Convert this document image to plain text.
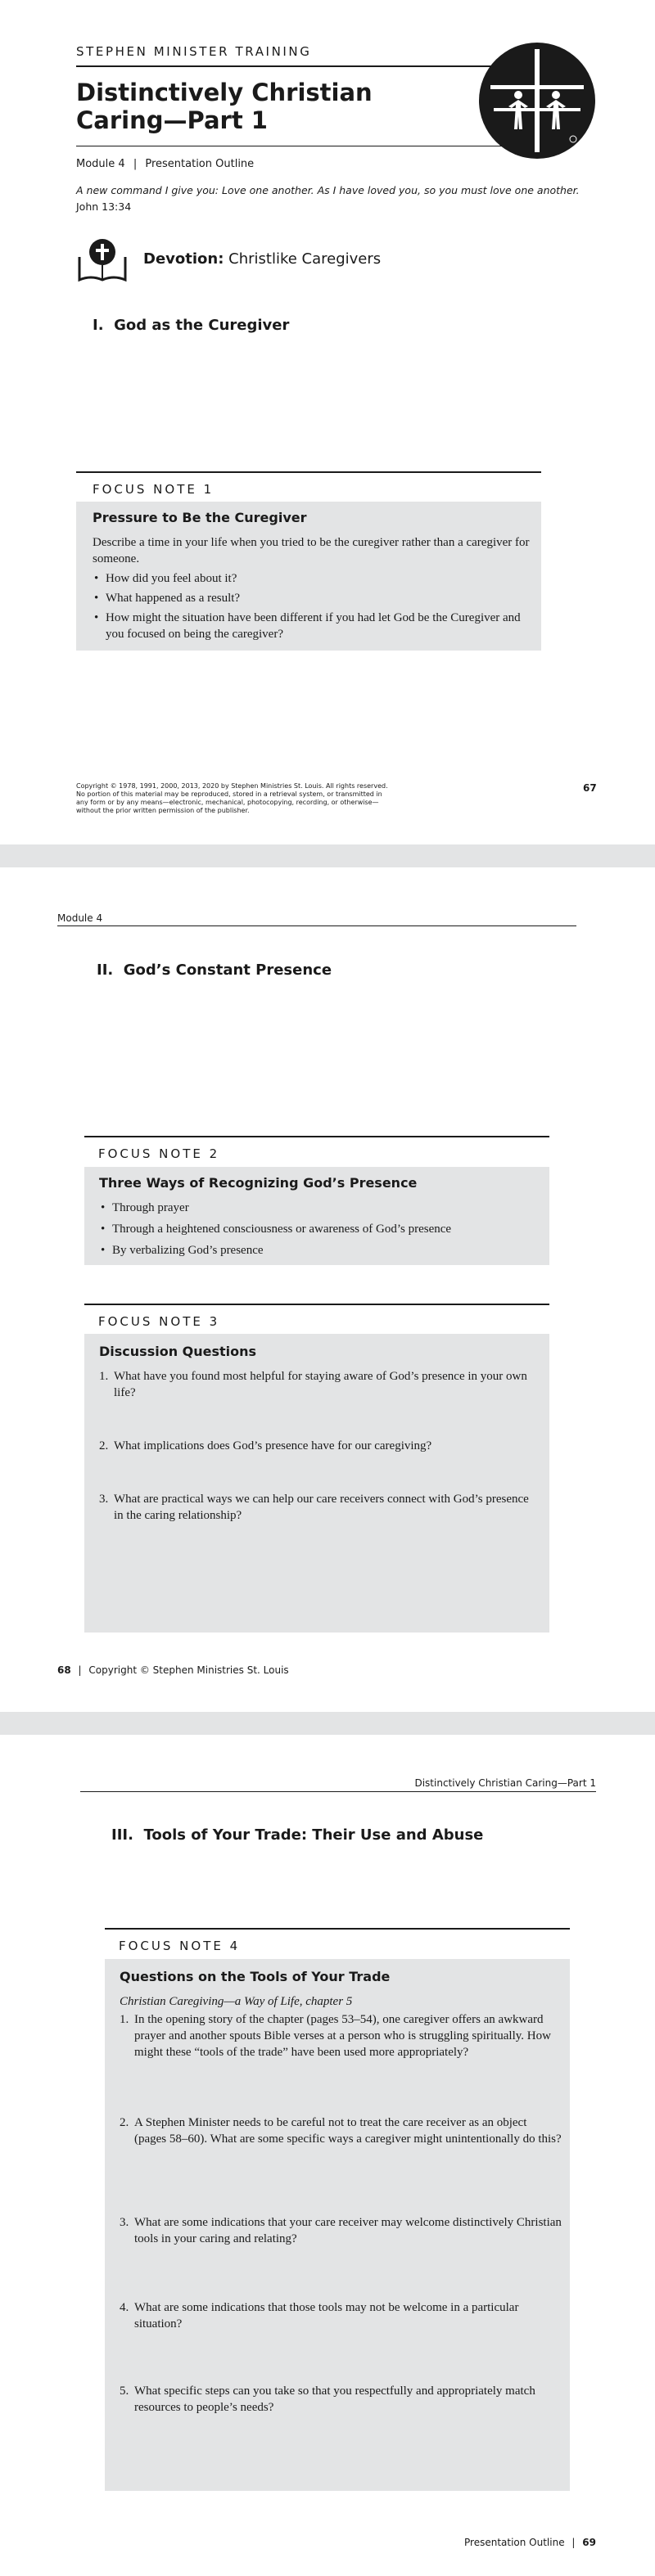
STEPHEN MINISTER TRAINING
Distinctively Christian
Caring—Part 1
Module 4 | Presentation Outline
A new command I give you: Love one another. As I have loved you, so you must love one another.
John 13:34
Devotion: Christlike Caregivers
I.  God as the Curegiver
FOCUS NOTE 1
Pressure to Be the Curegiver
Describe a time in your life when you tried to be the curegiver rather than a caregiver for someone.
• How did you feel about it?
• What happened as a result?
• How might the situation have been different if you had let God be the Curegiver and you focused on being the caregiver?
Copyright © 1978, 1991, 2000, 2013, 2020 by Stephen Ministries St. Louis. All rights reserved. No portion of this material may be reproduced, stored in a retrieval system, or transmitted in any form or by any means—electronic, mechanical, photocopying, recording, or otherwise—without the prior written permission of the publisher.
67
Module 4
II.  God’s Constant Presence
FOCUS NOTE 2
Three Ways of Recognizing God’s Presence
• Through prayer
• Through a heightened consciousness or awareness of God’s presence
• By verbalizing God’s presence
FOCUS NOTE 3
Discussion Questions
1. What have you found most helpful for staying aware of God’s presence in your own life?
2. What implications does God’s presence have for our caregiving?
3. What are practical ways we can help our care receivers connect with God’s presence in the caring relationship?
68 | Copyright © Stephen Ministries St. Louis
Distinctively Christian Caring—Part 1
III.  Tools of Your Trade: Their Use and Abuse
FOCUS NOTE 4
Questions on the Tools of Your Trade
Christian Caregiving—a Way of Life, chapter 5
1. In the opening story of the chapter (pages 53–54), one caregiver offers an awkward prayer and another spouts Bible verses at a person who is struggling spiritually. How might these “tools of the trade” have been used more appropriately?
2. A Stephen Minister needs to be careful not to treat the care receiver as an object (pages 58–60). What are some specific ways a caregiver might unintentionally do this?
3. What are some indications that your care receiver may welcome distinctively Christian tools in your caring and relating?
4. What are some indications that those tools may not be welcome in a particular situation?
5. What specific steps can you take so that you respectfully and appropriately match resources to people’s needs?
Presentation Outline | 69
